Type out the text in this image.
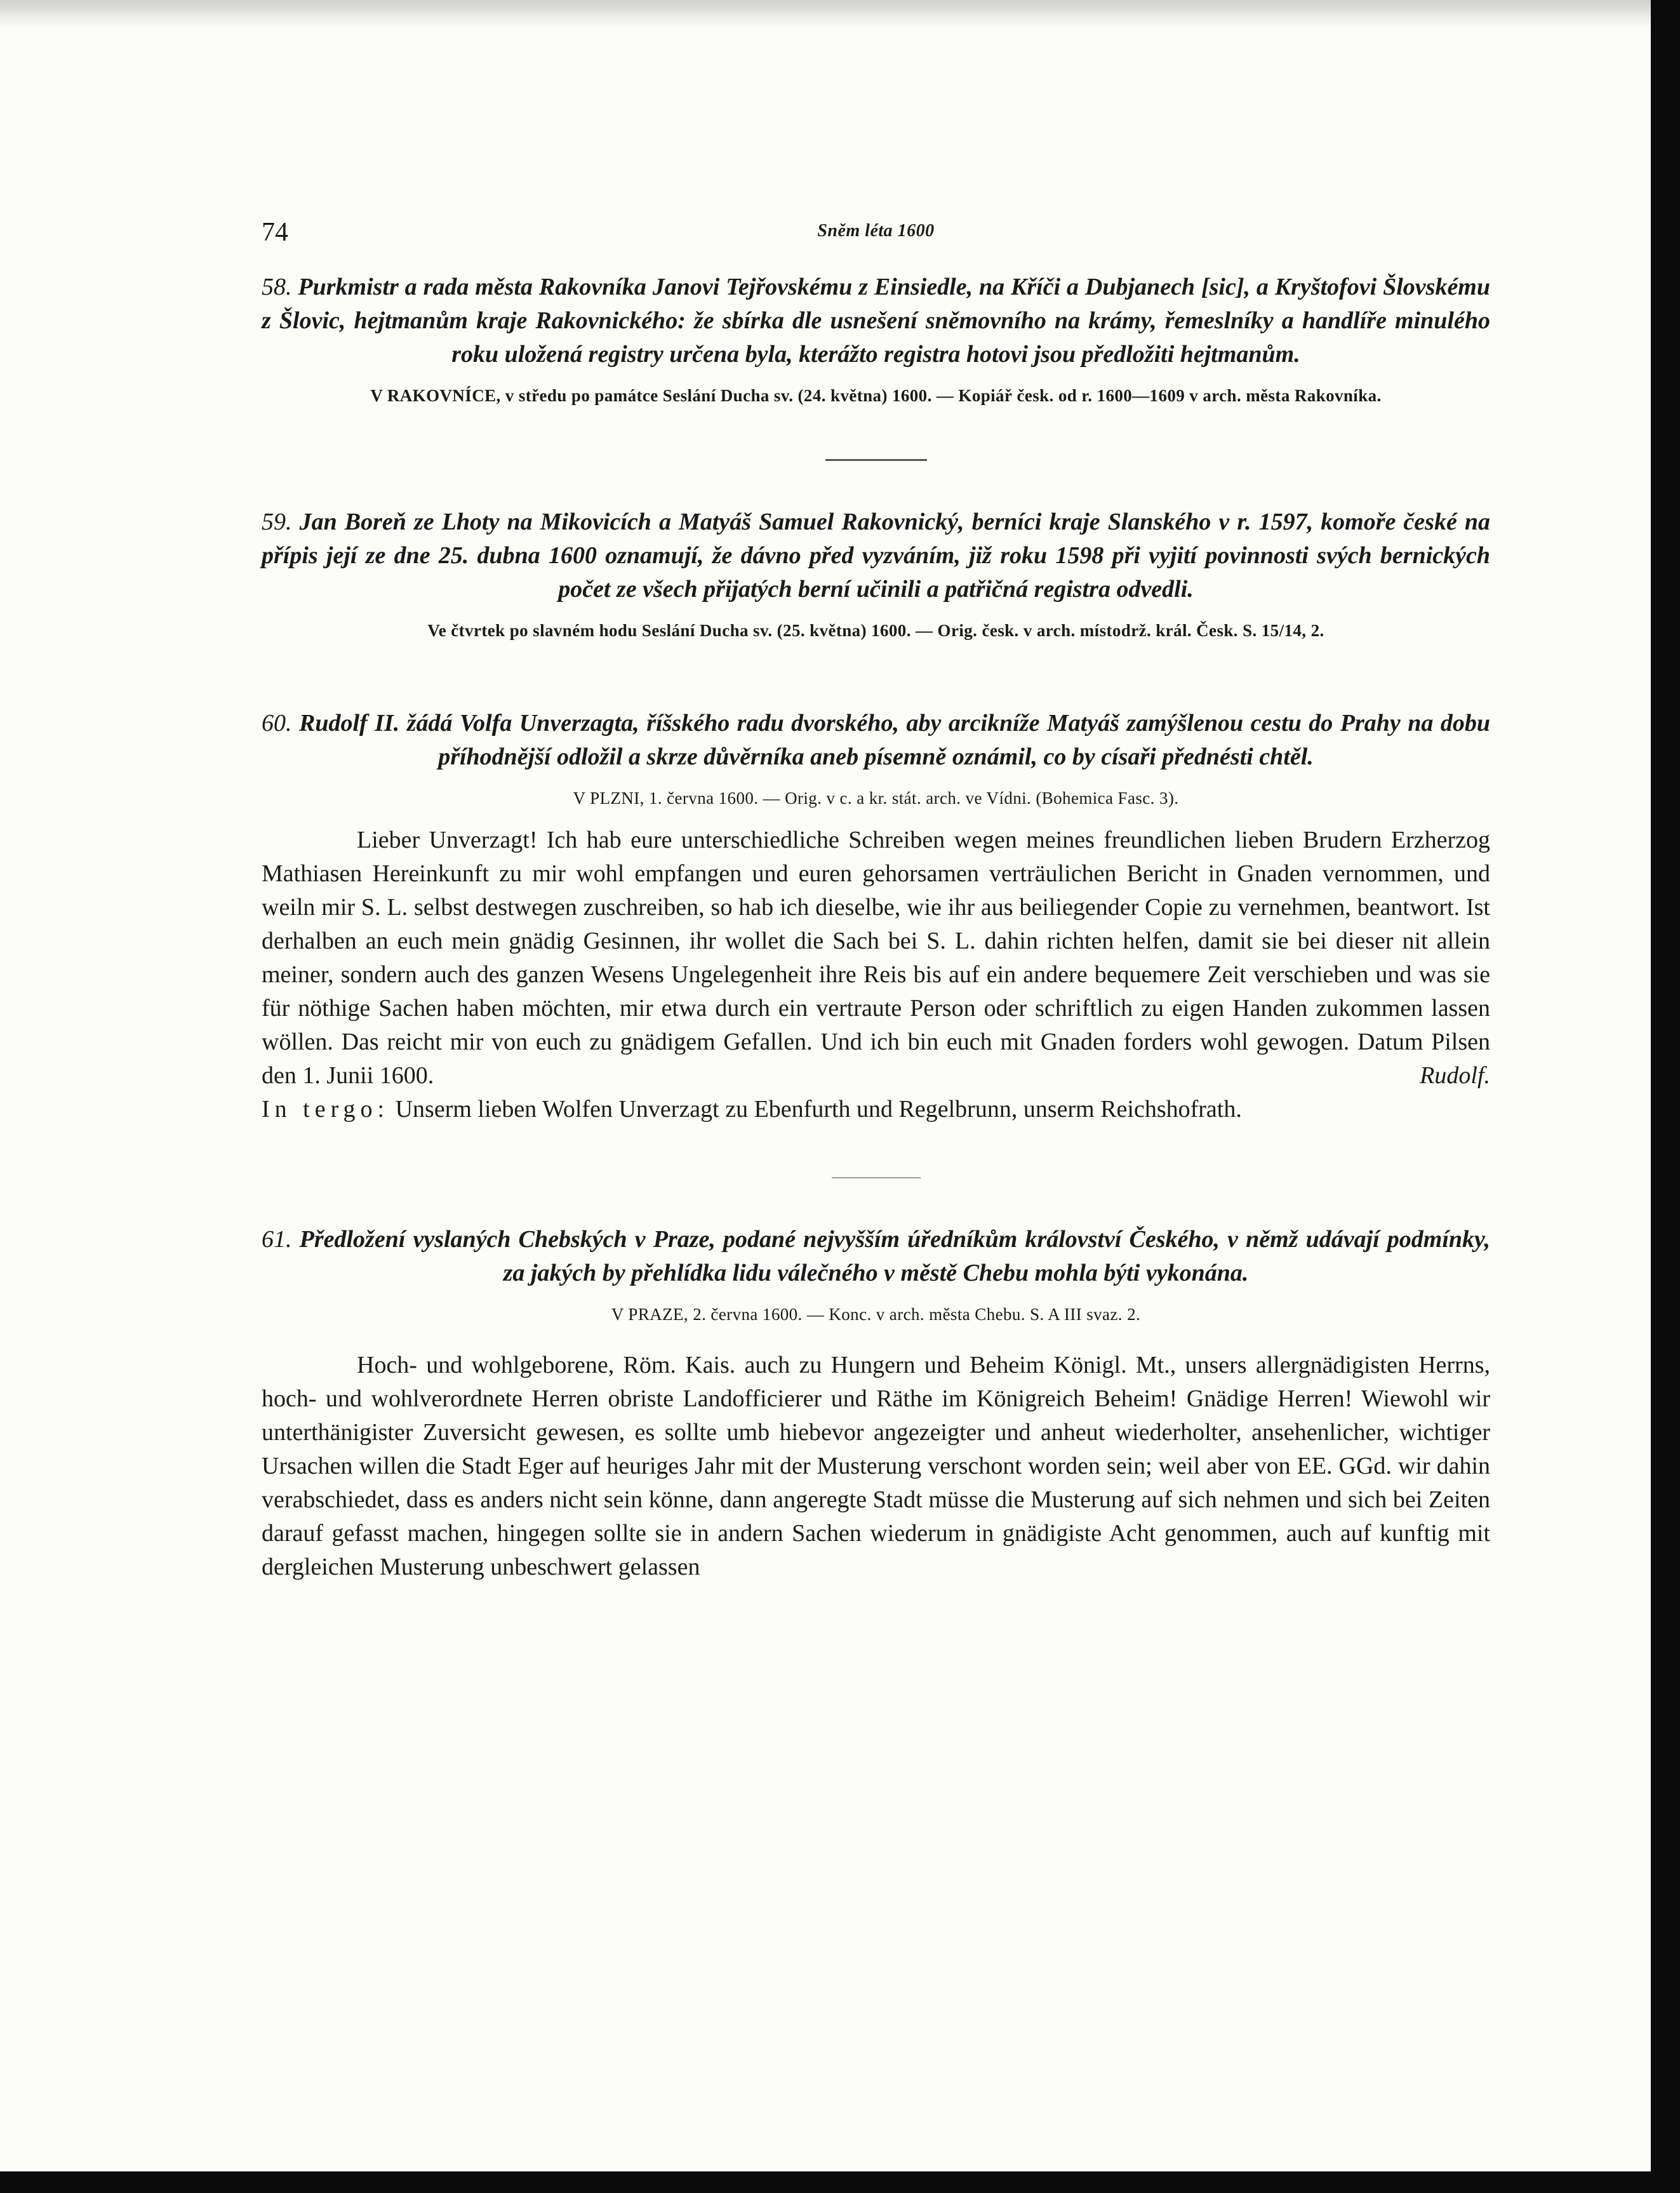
74	Sněm léta 1600

58. Purkmistr a rada města Rakovníka Janovi Tejřovskému z Einsiedle, na Kříči a Dubjanech [sic], a Kryštofovi Šlovskému z Šlovic, hejtmanům kraje Rakovnického: že sbírka dle usnešení sněmovního na krámy, řemeslníky a handlíře minulého roku uložená registry určena byla, kterážto registra hotovi jsou předložiti hejtmanům.

V RAKOVNÍCE, v středu po památce Seslání Ducha sv. (24. května) 1600. — Kopiář česk. od r. 1600—1609 v arch. města Rakovníka.

59. Jan Boreň ze Lhoty na Mikovicích a Matyáš Samuel Rakovnický, berníci kraje Slanského v r. 1597, komoře české na přípis její ze dne 25. dubna 1600 oznamují, že dávno před vyzváním, již roku 1598 při vyjití povinnosti svých bernických počet ze všech přijatých berní učinili a patřičná registra odvedli.

Ve čtvrtek po slavném hodu Seslání Ducha sv. (25. května) 1600. — Orig. česk. v arch. místodrž. král. Česk. S. 15/14, 2.

60. Rudolf II. žádá Volfa Unverzagta, říšského radu dvorského, aby arcikníže Matyáš zamýšlenou cestu do Prahy na dobu příhodnější odložil a skrze důvěrníka aneb písemně oznámil, co by císaři přednésti chtěl.

V PLZNI, 1. června 1600. — Orig. v c. a kr. stát. arch. ve Vídni. (Bohemica Fasc. 3).

Lieber Unverzagt! Ich hab eure unterschiedliche Schreiben wegen meines freundlichen lieben Brudern Erzherzog Mathiasen Hereinkunft zu mir wohl empfangen und euren gehorsamen verträulichen Bericht in Gnaden vernommen, und weiln mir S. L. selbst destwegen zuschreiben, so hab ich dieselbe, wie ihr aus beiliegender Copie zu vernehmen, beantwort. Ist derhalben an euch mein gnädig Gesinnen, ihr wollet die Sach bei S. L. dahin richten helfen, damit sie bei dieser nit allein meiner, sondern auch des ganzen Wesens Ungelegenheit ihre Reis bis auf ein andere bequemere Zeit verschieben und was sie für nöthige Sachen haben möchten, mir etwa durch ein vertraute Person oder schriftlich zu eigen Handen zukommen lassen wöllen. Das reicht mir von euch zu gnädigem Gefallen. Und ich bin euch mit Gnaden forders wohl gewogen. Datum Pilsen den 1. Junii 1600.	Rudolf.

In tergo: Unserm lieben Wolfen Unverzagt zu Ebenfurth und Regelbrunn, unserm Reichshofrath.

61. Předložení vyslaných Chebských v Praze, podané nejvyšším úředníkům království Českého, v němž udávají podmínky, za jakých by přehlídka lidu válečného v městě Chebu mohla býti vykonána.

V PRAZE, 2. června 1600. — Konc. v arch. města Chebu. S. A III svaz. 2.

Hoch- und wohlgeborene, Röm. Kais. auch zu Hungern und Beheim Königl. Mt., unsers allergnädigisten Herrns, hoch- und wohlverordnete Herren obriste Landofficierer und Räthe im Königreich Beheim! Gnädige Herren! Wiewohl wir unterthänigister Zuversicht gewesen, es sollte umb hiebevor angezeigter und anheut wiederholter, ansehenlicher, wichtiger Ursachen willen die Stadt Eger auf heuriges Jahr mit der Musterung verschont worden sein; weil aber von EE. GGd. wir dahin verabschiedet, dass es anders nicht sein könne, dann angeregte Stadt müsse die Musterung auf sich nehmen und sich bei Zeiten darauf gefasst machen, hingegen sollte sie in andern Sachen wiederum in gnädigiste Acht genommen, auch auf kunftig mit dergleichen Musterung unbeschwert gelassen
